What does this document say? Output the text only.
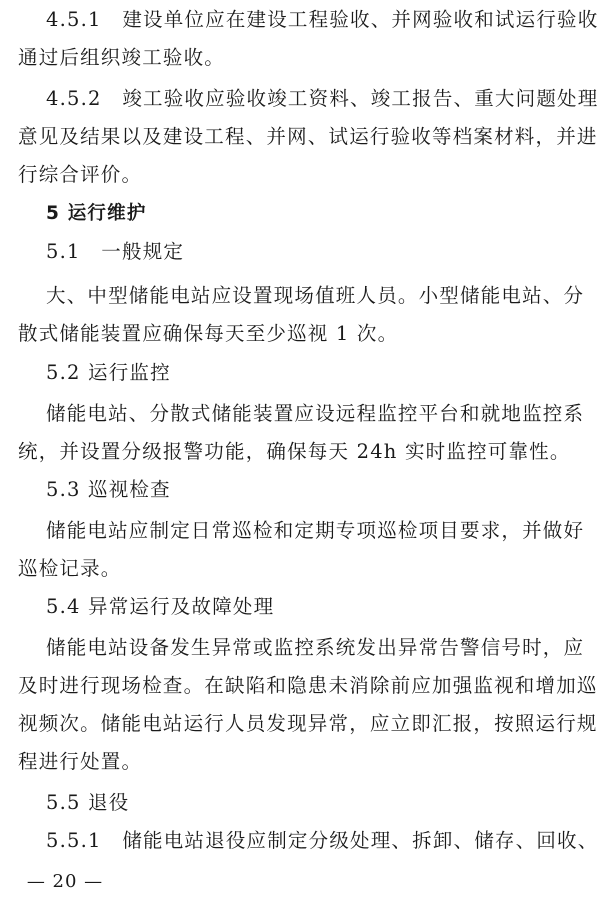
4.5.1　建设单位应在建设工程验收、并网验收和试运行验收
通过后组织竣工验收。
4.5.2　竣工验收应验收竣工资料、竣工报告、重大问题处理
意见及结果以及建设工程、并网、试运行验收等档案材料，并进
行综合评价。
5 运行维护
5.1　一般规定
大、中型储能电站应设置现场值班人员。小型储能电站、分
散式储能装置应确保每天至少巡视 1 次。
5.2 运行监控
储能电站、分散式储能装置应设远程监控平台和就地监控系
统，并设置分级报警功能，确保每天 24h 实时监控可靠性。
5.3 巡视检查
储能电站应制定日常巡检和定期专项巡检项目要求，并做好
巡检记录。
5.4 异常运行及故障处理
储能电站设备发生异常或监控系统发出异常告警信号时，应
及时进行现场检查。在缺陷和隐患未消除前应加强监视和增加巡
视频次。储能电站运行人员发现异常，应立即汇报，按照运行规
程进行处置。
5.5 退役
5.5.1　储能电站退役应制定分级处理、拆卸、储存、回收、
— 20 —
